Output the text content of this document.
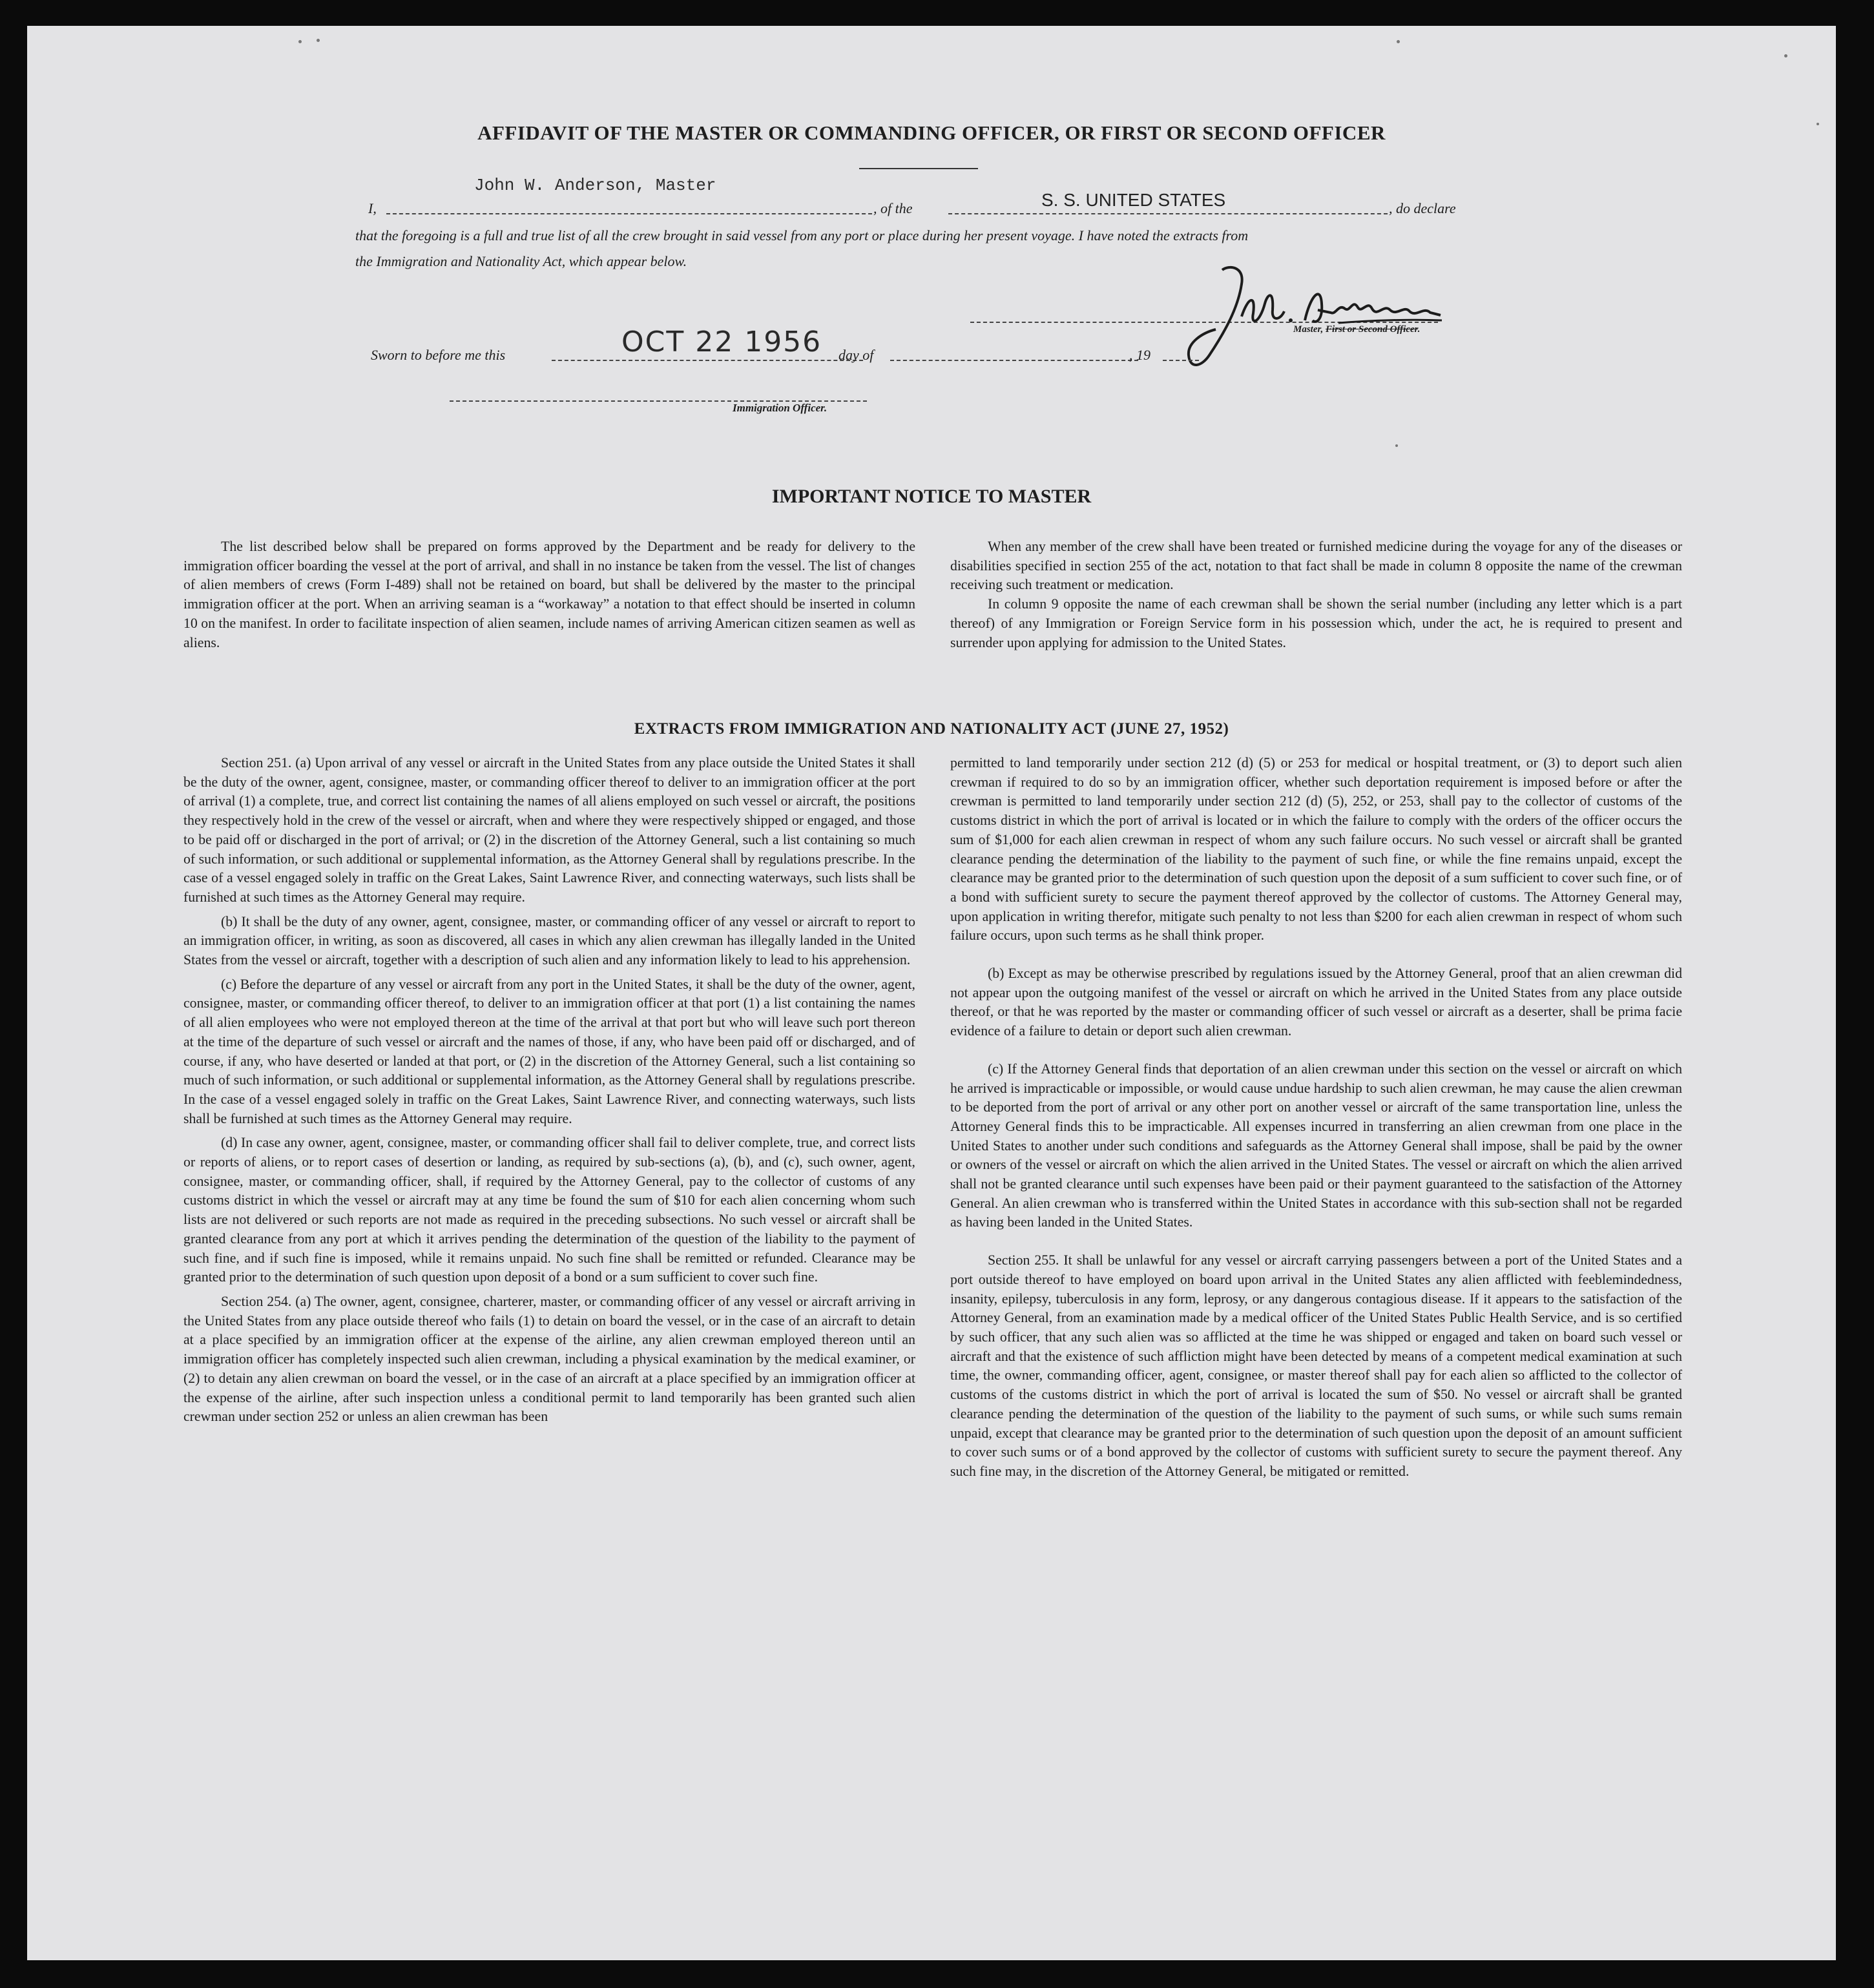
AFFIDAVIT OF THE MASTER OR COMMANDING OFFICER, OR FIRST OR SECOND OFFICER
John W. Anderson, Master
I,	, of the	S. S. UNITED STATES	, do declare
that the foregoing is a full and true list of all the crew brought in said vessel from any port or place during her present voyage. I have noted the extracts from
the Immigration and Nationality Act, which appear below.
Master, First or Second Officer.
Sworn to before me this	OCT 22 1956 day of	, 19
Immigration Officer.
IMPORTANT NOTICE TO MASTER

The list described below shall be prepared on forms approved by the Department and be ready for delivery to the immigration officer boarding the vessel at the port of arrival, and shall in no instance be taken from the vessel. The list of changes of alien members of crews (Form I-489) shall not be retained on board, but shall be delivered by the master to the principal immigration officer at the port. When an arriving seaman is a “workaway” a notation to that effect should be inserted in column 10 on the manifest. In order to facilitate inspection of alien seamen, include names of arriving American citizen seamen as well as aliens.

When any member of the crew shall have been treated or furnished medicine during the voyage for any of the diseases or disabilities specified in section 255 of the act, notation to that fact shall be made in column 8 opposite the name of the crewman receiving such treatment or medication.

In column 9 opposite the name of each crewman shall be shown the serial number (including any letter which is a part thereof) of any Immigration or Foreign Service form in his possession which, under the act, he is required to present and surrender upon applying for admission to the United States.

EXTRACTS FROM IMMIGRATION AND NATIONALITY ACT (JUNE 27, 1952)

Section 251. (a) Upon arrival of any vessel or aircraft in the United States from any place outside the United States it shall be the duty of the owner, agent, consignee, master, or commanding officer thereof to deliver to an immigration officer at the port of arrival (1) a complete, true, and correct list containing the names of all aliens employed on such vessel or aircraft, the positions they respectively hold in the crew of the vessel or aircraft, when and where they were respectively shipped or engaged, and those to be paid off or discharged in the port of arrival; or (2) in the discretion of the Attorney General, such a list containing so much of such information, or such additional or supplemental information, as the Attorney General shall by regulations prescribe. In the case of a vessel engaged solely in traffic on the Great Lakes, Saint Lawrence River, and connecting waterways, such lists shall be furnished at such times as the Attorney General may require.

(b) It shall be the duty of any owner, agent, consignee, master, or commanding officer of any vessel or aircraft to report to an immigration officer, in writing, as soon as discovered, all cases in which any alien crewman has illegally landed in the United States from the vessel or aircraft, together with a description of such alien and any information likely to lead to his apprehension.

(c) Before the departure of any vessel or aircraft from any port in the United States, it shall be the duty of the owner, agent, consignee, master, or commanding officer thereof, to deliver to an immigration officer at that port (1) a list containing the names of all alien employees who were not employed thereon at the time of the arrival at that port but who will leave such port thereon at the time of the departure of such vessel or aircraft and the names of those, if any, who have been paid off or discharged, and of course, if any, who have deserted or landed at that port, or (2) in the discretion of the Attorney General, such a list containing so much of such information, or such additional or supplemental information, as the Attorney General shall by regulations prescribe. In the case of a vessel engaged solely in traffic on the Great Lakes, Saint Lawrence River, and connecting waterways, such lists shall be furnished at such times as the Attorney General may require.

(d) In case any owner, agent, consignee, master, or commanding officer shall fail to deliver complete, true, and correct lists or reports of aliens, or to report cases of desertion or landing, as required by sub-sections (a), (b), and (c), such owner, agent, consignee, master, or commanding officer, shall, if required by the Attorney General, pay to the collector of customs of any customs district in which the vessel or aircraft may at any time be found the sum of $10 for each alien concerning whom such lists are not delivered or such reports are not made as required in the preceding subsections. No such vessel or aircraft shall be granted clearance from any port at which it arrives pending the determination of the question of the liability to the payment of such fine, and if such fine is imposed, while it remains unpaid. No such fine shall be remitted or refunded. Clearance may be granted prior to the determination of such question upon deposit of a bond or a sum sufficient to cover such fine.

Section 254. (a) The owner, agent, consignee, charterer, master, or commanding officer of any vessel or aircraft arriving in the United States from any place outside thereof who fails (1) to detain on board the vessel, or in the case of an aircraft to detain at a place specified by an immigration officer at the expense of the airline, any alien crewman employed thereon until an immigration officer has completely inspected such alien crewman, including a physical examination by the medical examiner, or (2) to detain any alien crewman on board the vessel, or in the case of an aircraft at a place specified by an immigration officer at the expense of the airline, after such inspection unless a conditional permit to land temporarily has been granted such alien crewman under section 252 or unless an alien crewman has been

permitted to land temporarily under section 212 (d) (5) or 253 for medical or hospital treatment, or (3) to deport such alien crewman if required to do so by an immigration officer, whether such deportation requirement is imposed before or after the crewman is permitted to land temporarily under section 212 (d) (5), 252, or 253, shall pay to the collector of customs of the customs district in which the port of arrival is located or in which the failure to comply with the orders of the officer occurs the sum of $1,000 for each alien crewman in respect of whom any such failure occurs. No such vessel or aircraft shall be granted clearance pending the determination of the liability to the payment of such fine, or while the fine remains unpaid, except the clearance may be granted prior to the determination of such question upon the deposit of a sum sufficient to cover such fine, or of a bond with sufficient surety to secure the payment thereof approved by the collector of customs. The Attorney General may, upon application in writing therefor, mitigate such penalty to not less than $200 for each alien crewman in respect of whom such failure occurs, upon such terms as he shall think proper.

(b) Except as may be otherwise prescribed by regulations issued by the Attorney General, proof that an alien crewman did not appear upon the outgoing manifest of the vessel or aircraft on which he arrived in the United States from any place outside thereof, or that he was reported by the master or commanding officer of such vessel or aircraft as a deserter, shall be prima facie evidence of a failure to detain or deport such alien crewman.

(c) If the Attorney General finds that deportation of an alien crewman under this section on the vessel or aircraft on which he arrived is impracticable or impossible, or would cause undue hardship to such alien crewman, he may cause the alien crewman to be deported from the port of arrival or any other port on another vessel or aircraft of the same transportation line, unless the Attorney General finds this to be impracticable. All expenses incurred in transferring an alien crewman from one place in the United States to another under such conditions and safeguards as the Attorney General shall impose, shall be paid by the owner or owners of the vessel or aircraft on which the alien arrived in the United States. The vessel or aircraft on which the alien arrived shall not be granted clearance until such expenses have been paid or their payment guaranteed to the satisfaction of the Attorney General. An alien crewman who is transferred within the United States in accordance with this sub-section shall not be regarded as having been landed in the United States.

Section 255. It shall be unlawful for any vessel or aircraft carrying passengers between a port of the United States and a port outside thereof to have employed on board upon arrival in the United States any alien afflicted with feeblemindedness, insanity, epilepsy, tuberculosis in any form, leprosy, or any dangerous contagious disease. If it appears to the satisfaction of the Attorney General, from an examination made by a medical officer of the United States Public Health Service, and is so certified by such officer, that any such alien was so afflicted at the time he was shipped or engaged and taken on board such vessel or aircraft and that the existence of such affliction might have been detected by means of a competent medical examination at such time, the owner, commanding officer, agent, consignee, or master thereof shall pay for each alien so afflicted to the collector of customs of the customs district in which the port of arrival is located the sum of $50. No vessel or aircraft shall be granted clearance pending the determination of the question of the liability to the payment of such sums, or while such sums remain unpaid, except that clearance may be granted prior to the determination of such question upon the deposit of an amount sufficient to cover such sums or of a bond approved by the collector of customs with sufficient surety to secure the payment thereof. Any such fine may, in the discretion of the Attorney General, be mitigated or remitted.
